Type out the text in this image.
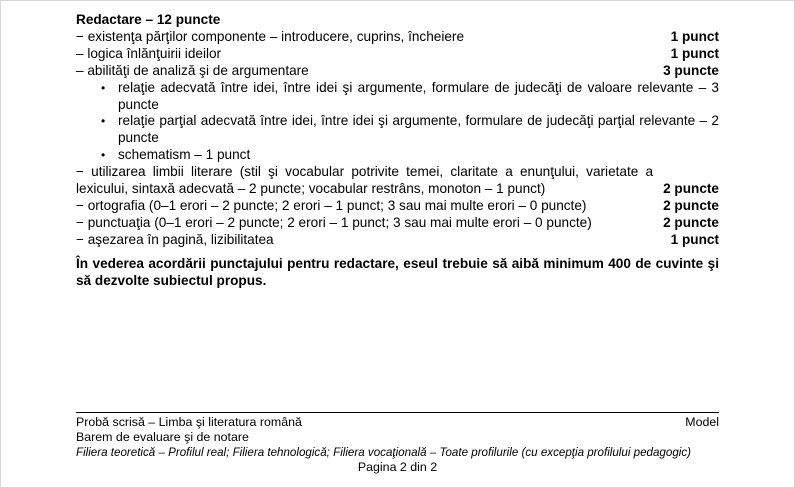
Redactare – 12 puncte

− existenţa părţilor componente – introducere, cuprins, încheiere	1 punct
– logica înlănţuirii ideilor	1 punct
– abilităţi de analiză şi de argumentare	3 puncte
• relaţie adecvată între idei, între idei şi argumente, formulare de judecăţi de valoare relevante – 3 puncte
• relaţie parţial adecvată între idei, între idei şi argumente, formulare de judecăţi parţial relevante – 2 puncte
• schematism – 1 punct
− utilizarea limbii literare (stil şi vocabular potrivite temei, claritate a enunţului, varietate a lexicului, sintaxă adecvată – 2 puncte; vocabular restrâns, monoton – 1 punct)	2 puncte
− ortografia (0–1 erori – 2 puncte; 2 erori – 1 punct; 3 sau mai multe erori – 0 puncte)	2 puncte
− punctuaţia (0–1 erori – 2 puncte; 2 erori – 1 punct; 3 sau mai multe erori – 0 puncte)	2 puncte
− aşezarea în pagină, lizibilitatea	1 punct

În vederea acordării punctajului pentru redactare, eseul trebuie să aibă minimum 400 de cuvinte şi să dezvolte subiectul propus.

Probă scrisă – Limba şi literatura română	Model
Barem de evaluare şi de notare
Filiera teoretică – Profilul real; Filiera tehnologică; Filiera vocaţională – Toate profilurile (cu excepţia profilului pedagogic)
Pagina 2 din 2
